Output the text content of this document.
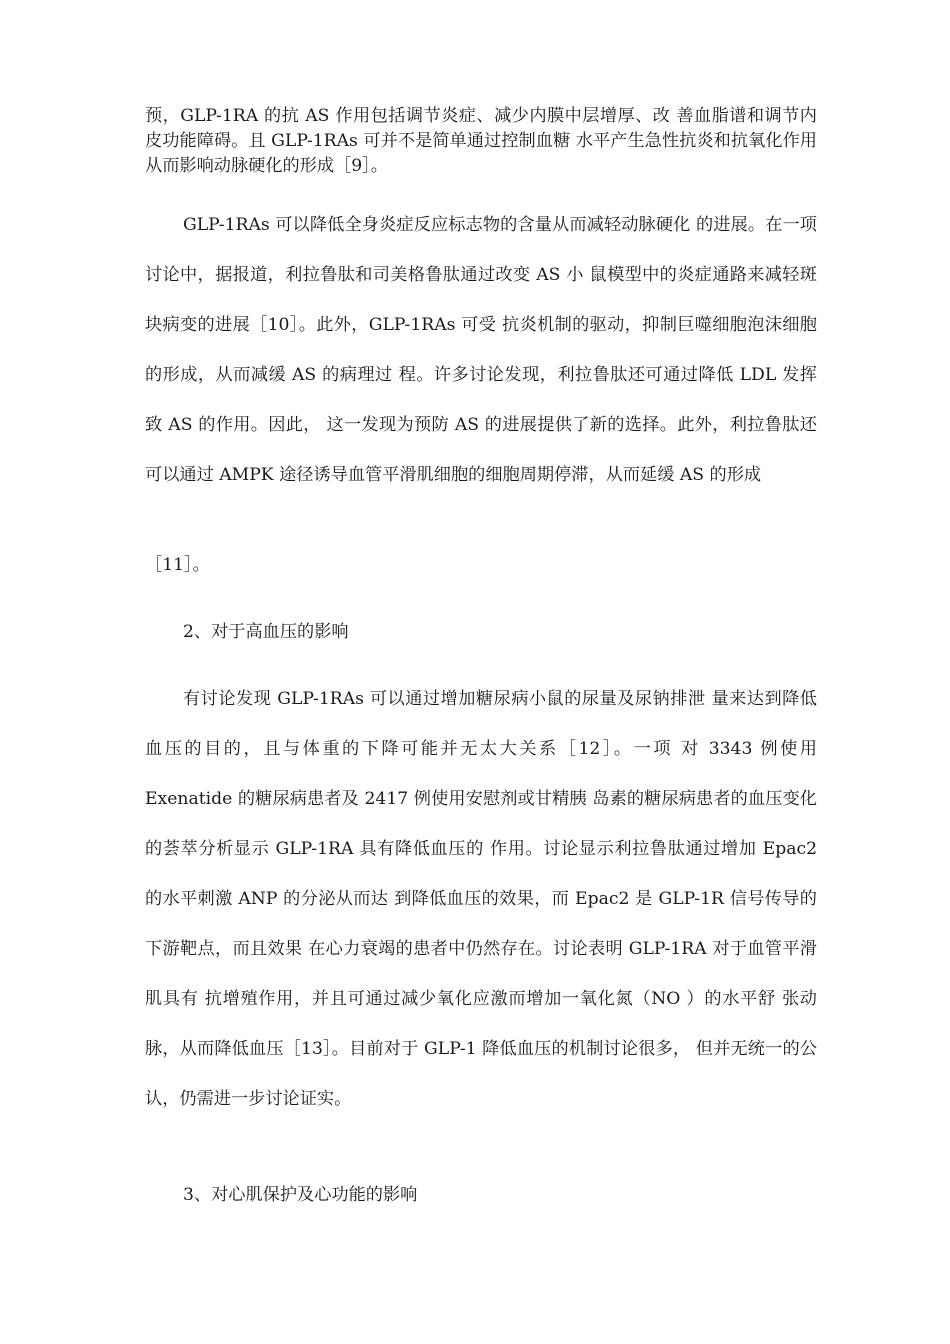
预，GLP-1RA 的抗 AS 作用包括调节炎症、减少内膜中层增厚、改 善血脂谱和调节内皮功能障碍。且 GLP-1RAs 可并不是简单通过控制血糖 水平产生急性抗炎和抗氧化作用从而影响动脉硬化的形成［9］。

GLP-1RAs 可以降低全身炎症反应标志物的含量从而减轻动脉硬化 的进展。在一项讨论中，据报道，利拉鲁肽和司美格鲁肽通过改变 AS 小 鼠模型中的炎症通路来减轻斑块病变的进展［10］。此外，GLP-1RAs 可受 抗炎机制的驱动，抑制巨噬细胞泡沫细胞的形成，从而减缓 AS 的病理过 程。许多讨论发现，利拉鲁肽还可通过降低 LDL 发挥致 AS 的作用。因此， 这一发现为预防 AS 的进展提供了新的选择。此外，利拉鲁肽还可以通过 AMPK 途径诱导血管平滑肌细胞的细胞周期停滞，从而延缓 AS 的形成

［11］。

2、对于高血压的影响

有讨论发现 GLP-1RAs 可以通过增加糖尿病小鼠的尿量及尿钠排泄 量来达到降低血压的目的，且与体重的下降可能并无太大关系［12］。一项 对 3343 例使用 Exenatide 的糖尿病患者及 2417 例使用安慰剂或甘精胰 岛素的糖尿病患者的血压变化的荟萃分析显示 GLP-1RA 具有降低血压的 作用。讨论显示利拉鲁肽通过增加 Epac2 的水平刺激 ANP 的分泌从而达 到降低血压的效果，而 Epac2 是 GLP-1R 信号传导的下游靶点，而且效果 在心力衰竭的患者中仍然存在。讨论表明 GLP-1RA 对于血管平滑肌具有 抗增殖作用，并且可通过减少氧化应激而增加一氧化氮（NO ）的水平舒 张动脉，从而降低血压［13］。目前对于 GLP-1 降低血压的机制讨论很多， 但并无统一的公认，仍需进一步讨论证实。

3、对心肌保护及心功能的影响
